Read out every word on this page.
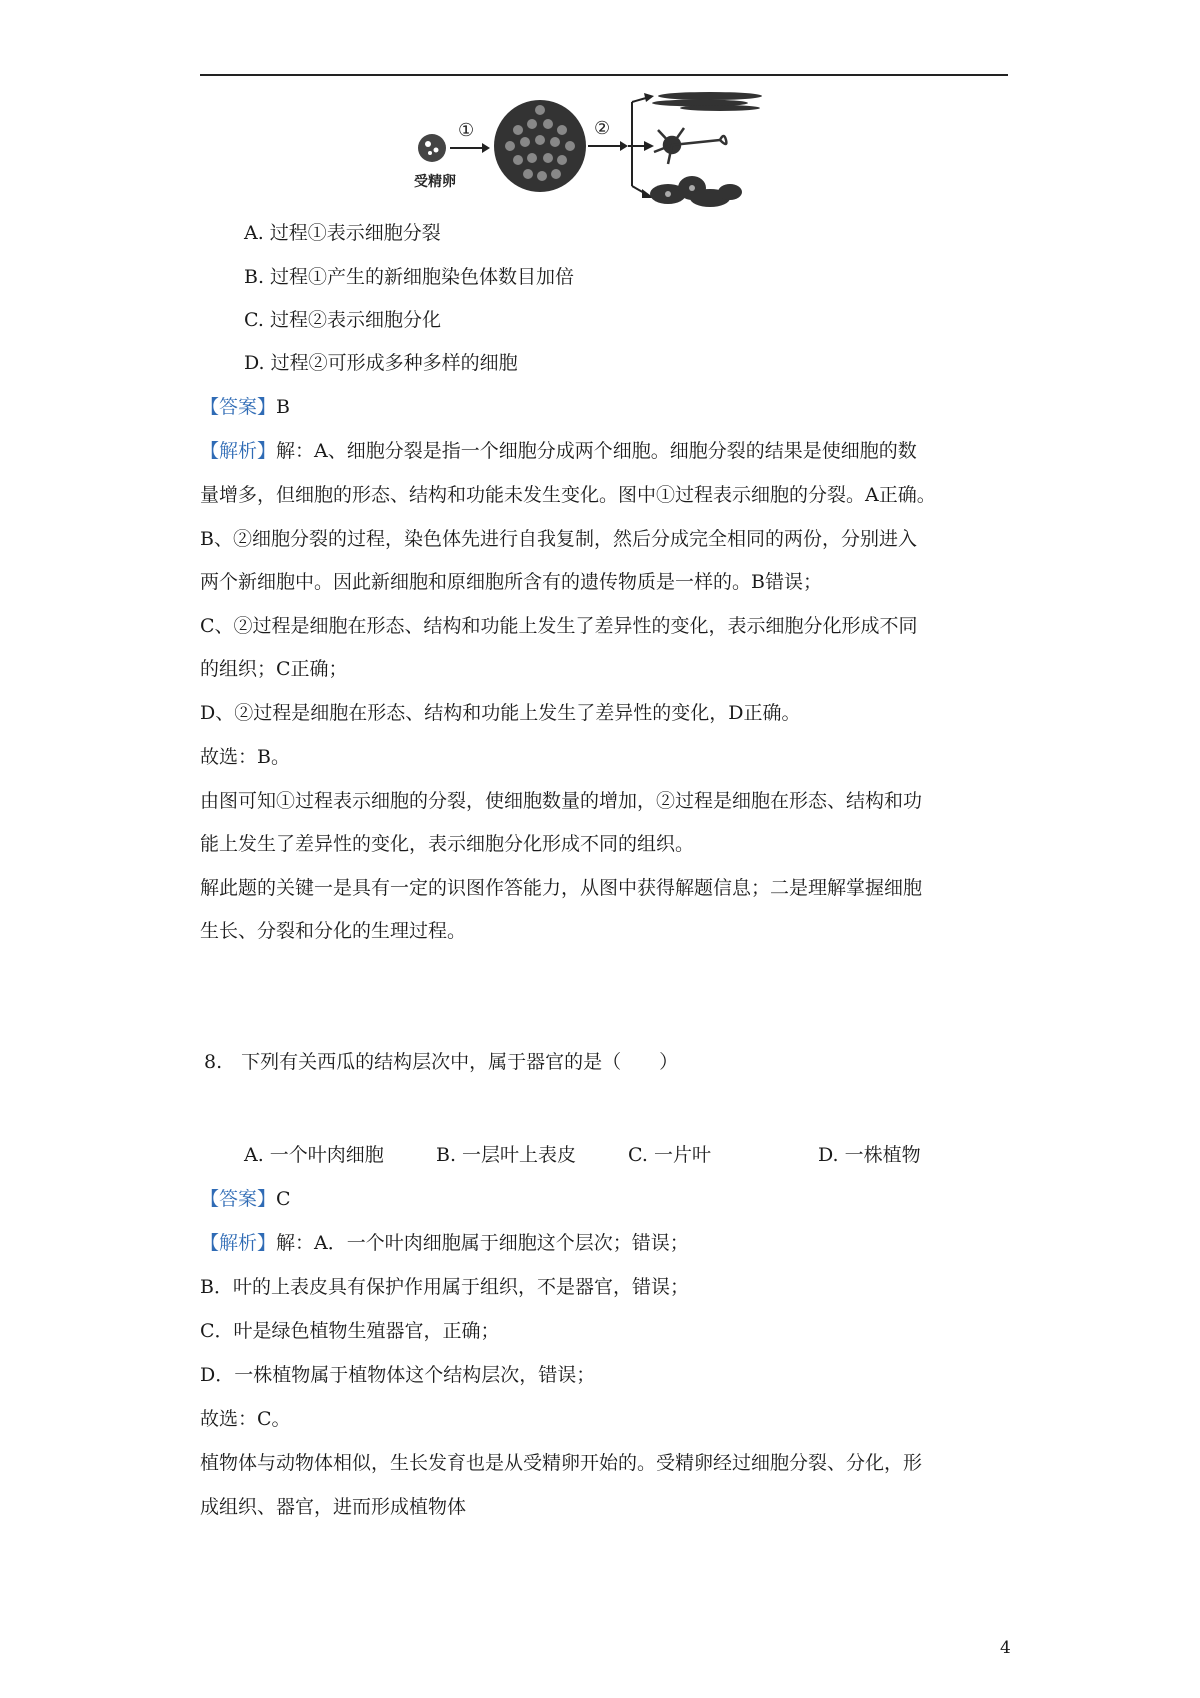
受精卵
①	②
A. 过程①表示细胞分裂
B. 过程①产生的新细胞染色体数目加倍
C. 过程②表示细胞分化
D. 过程②可形成多种多样的细胞
【答案】B
【解析】解：A、细胞分裂是指一个细胞分成两个细胞。细胞分裂的结果是使细胞的数
量增多，但细胞的形态、结构和功能未发生变化。图中①过程表示细胞的分裂。A正确。
B、②细胞分裂的过程，染色体先进行自我复制，然后分成完全相同的两份，分别进入
两个新细胞中。因此新细胞和原细胞所含有的遗传物质是一样的。B错误；
C、②过程是细胞在形态、结构和功能上发生了差异性的变化，表示细胞分化形成不同
的组织；C正确；
D、②过程是细胞在形态、结构和功能上发生了差异性的变化，D正确。
故选：B。
由图可知①过程表示细胞的分裂，使细胞数量的增加，②过程是细胞在形态、结构和功
能上发生了差异性的变化，表示细胞分化形成不同的组织。
解此题的关键一是具有一定的识图作答能力，从图中获得解题信息；二是理解掌握细胞
生长、分裂和分化的生理过程。
8.　下列有关西瓜的结构层次中，属于器官的是（　　）
A. 一个叶肉细胞	B. 一层叶上表皮	C. 一片叶	D. 一株植物
【答案】C
【解析】解：A．一个叶肉细胞属于细胞这个层次；错误；
B．叶的上表皮具有保护作用属于组织，不是器官，错误；
C．叶是绿色植物生殖器官，正确；
D．一株植物属于植物体这个结构层次，错误；
故选：C。
植物体与动物体相似，生长发育也是从受精卵开始的。受精卵经过细胞分裂、分化，形
成组织、器官，进而形成植物体
4
